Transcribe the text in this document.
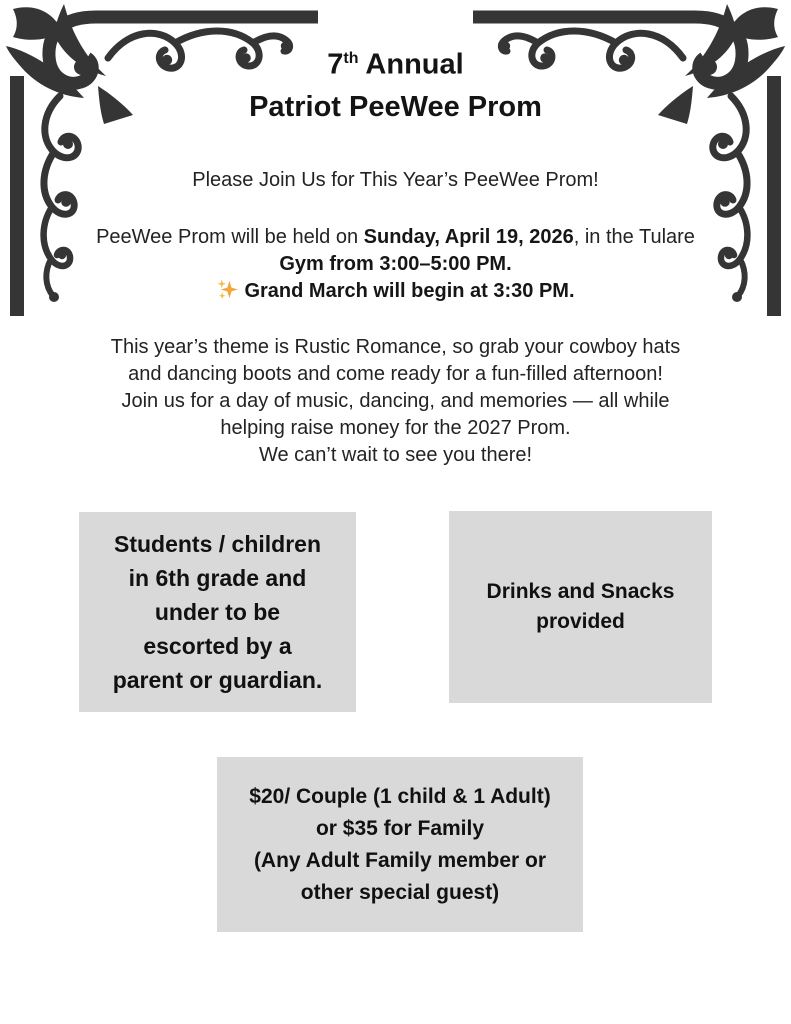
7th Annual
Patriot PeeWee Prom
Please Join Us for This Year’s PeeWee Prom!
PeeWee Prom will be held on Sunday, April 19, 2026, in the Tulare
Gym from 3:00–5:00 PM.
Grand March will begin at 3:30 PM.
This year’s theme is Rustic Romance, so grab your cowboy hats
and dancing boots and come ready for a fun-filled afternoon!
Join us for a day of music, dancing, and memories — all while
helping raise money for the 2027 Prom.
We can’t wait to see you there!
Students / children
in 6th grade and
under to be
escorted by a
parent or guardian.
Drinks and Snacks
provided
$20/ Couple (1 child & 1 Adult)
or $35 for Family
(Any Adult Family member or
other special guest)
